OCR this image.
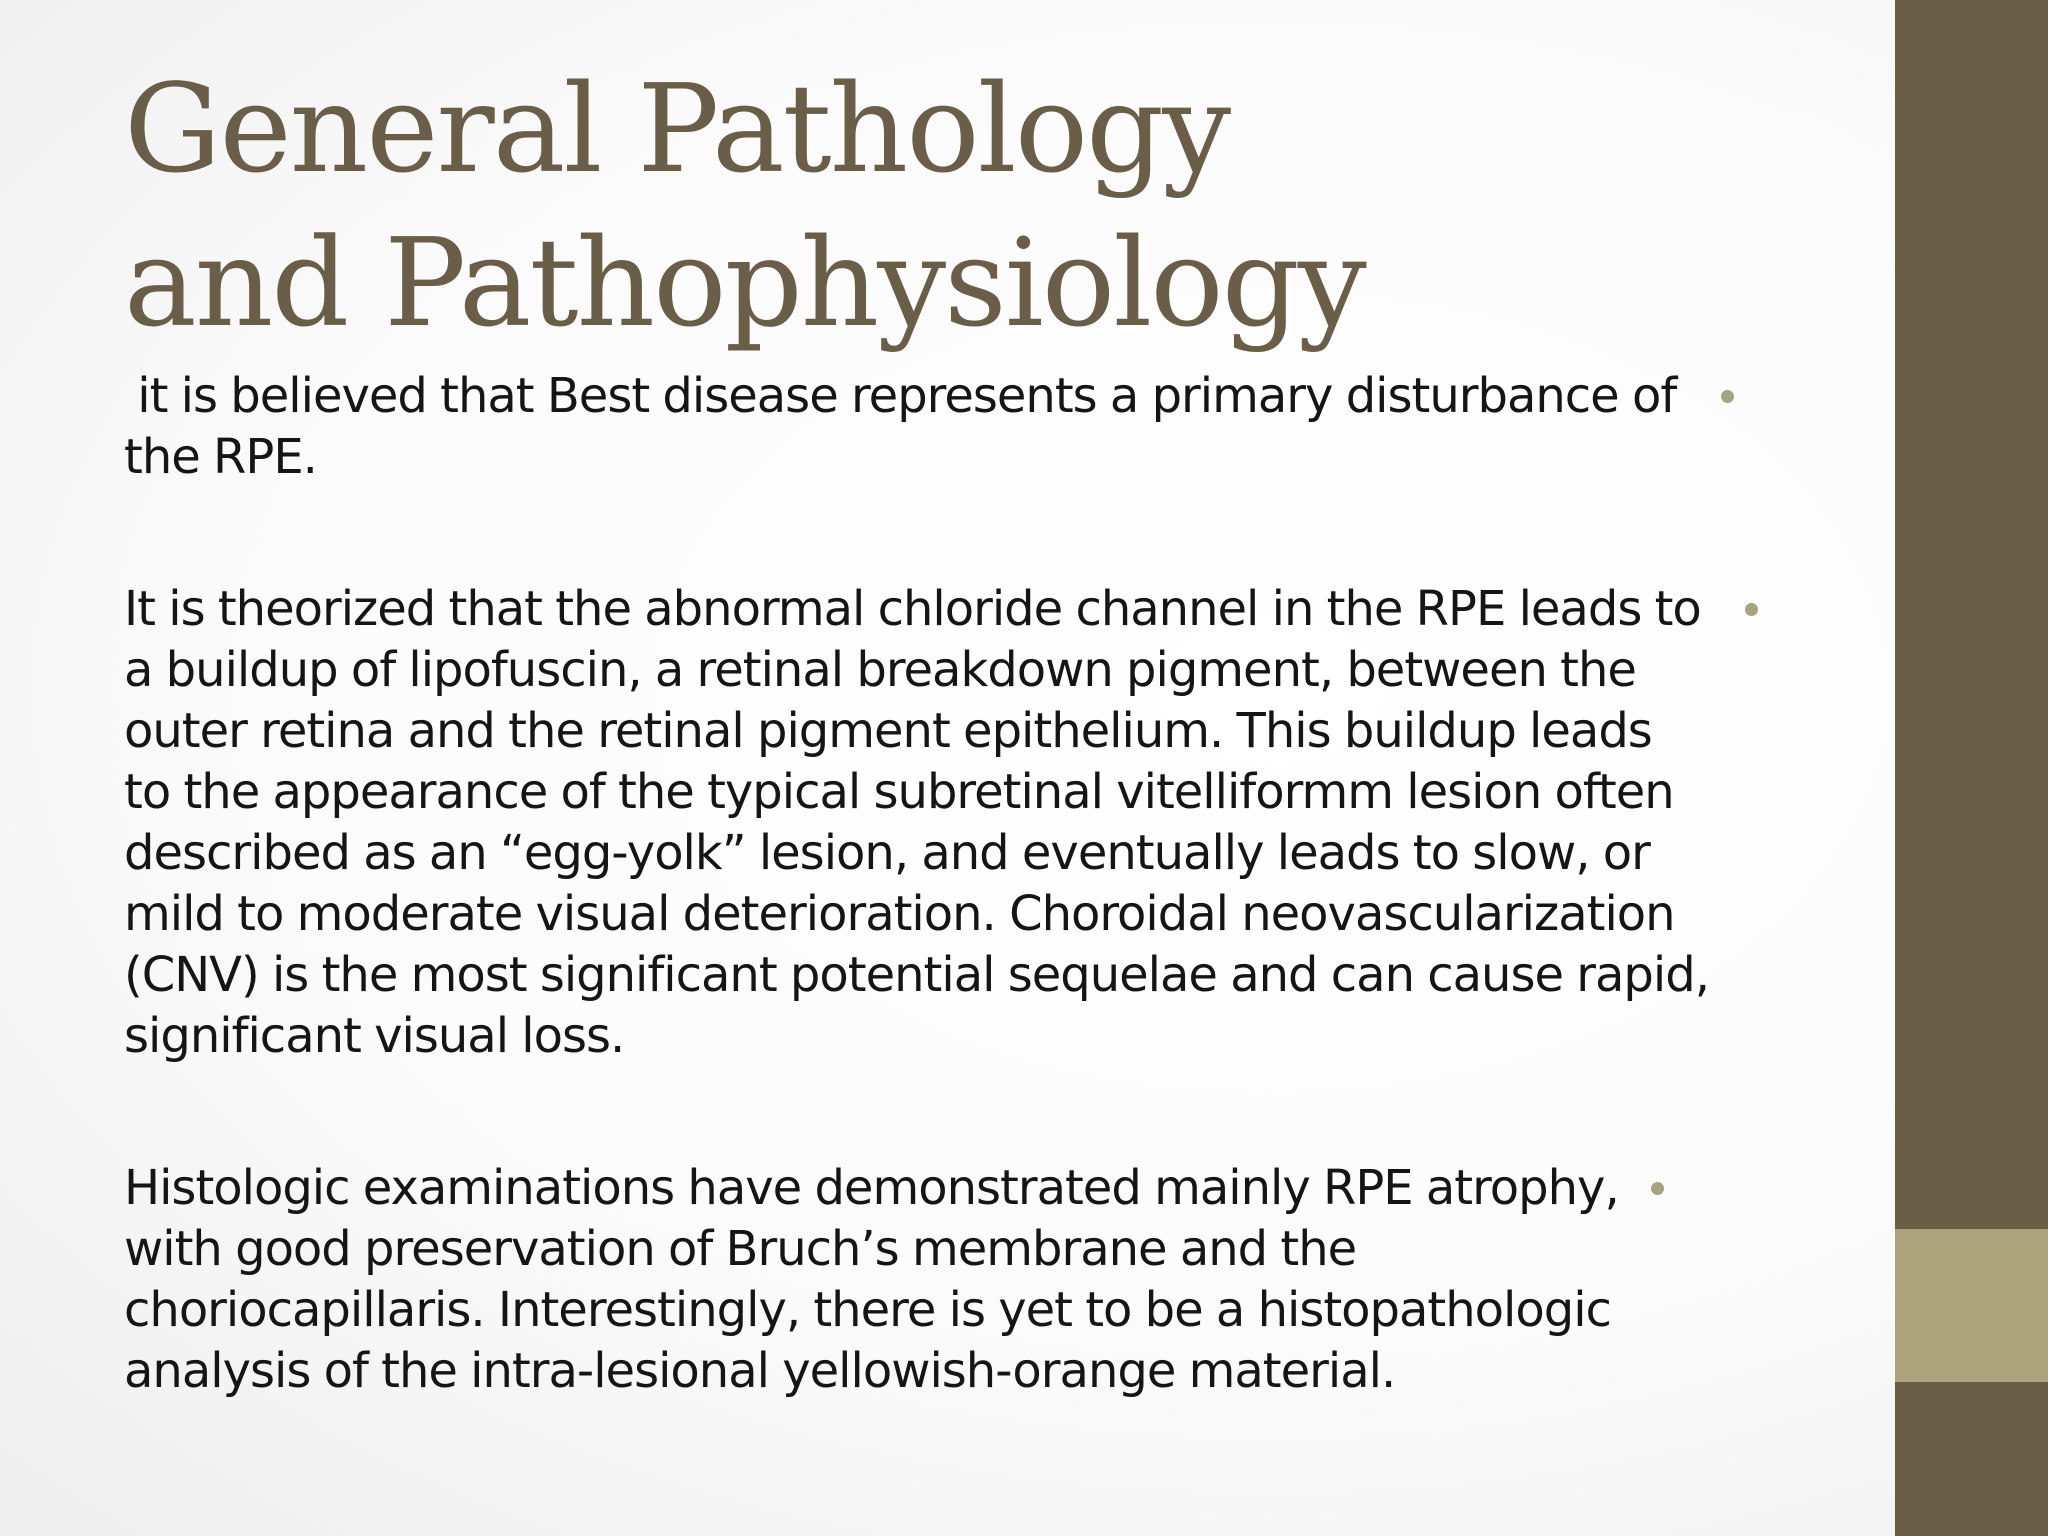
General Pathology
and Pathophysiology
it is believed that Best disease represents a primary disturbance of
the RPE.
It is theorized that the abnormal chloride channel in the RPE leads to
a buildup of lipofuscin, a retinal breakdown pigment, between the
outer retina and the retinal pigment epithelium. This buildup leads
to the appearance of the typical subretinal vitelliformm lesion often
described as an “egg-yolk” lesion, and eventually leads to slow, or
mild to moderate visual deterioration. Choroidal neovascularization
(CNV) is the most significant potential sequelae and can cause rapid,
significant visual loss.
Histologic examinations have demonstrated mainly RPE atrophy,
with good preservation of Bruch’s membrane and the
choriocapillaris. Interestingly, there is yet to be a histopathologic
analysis of the intra-lesional yellowish-orange material.
